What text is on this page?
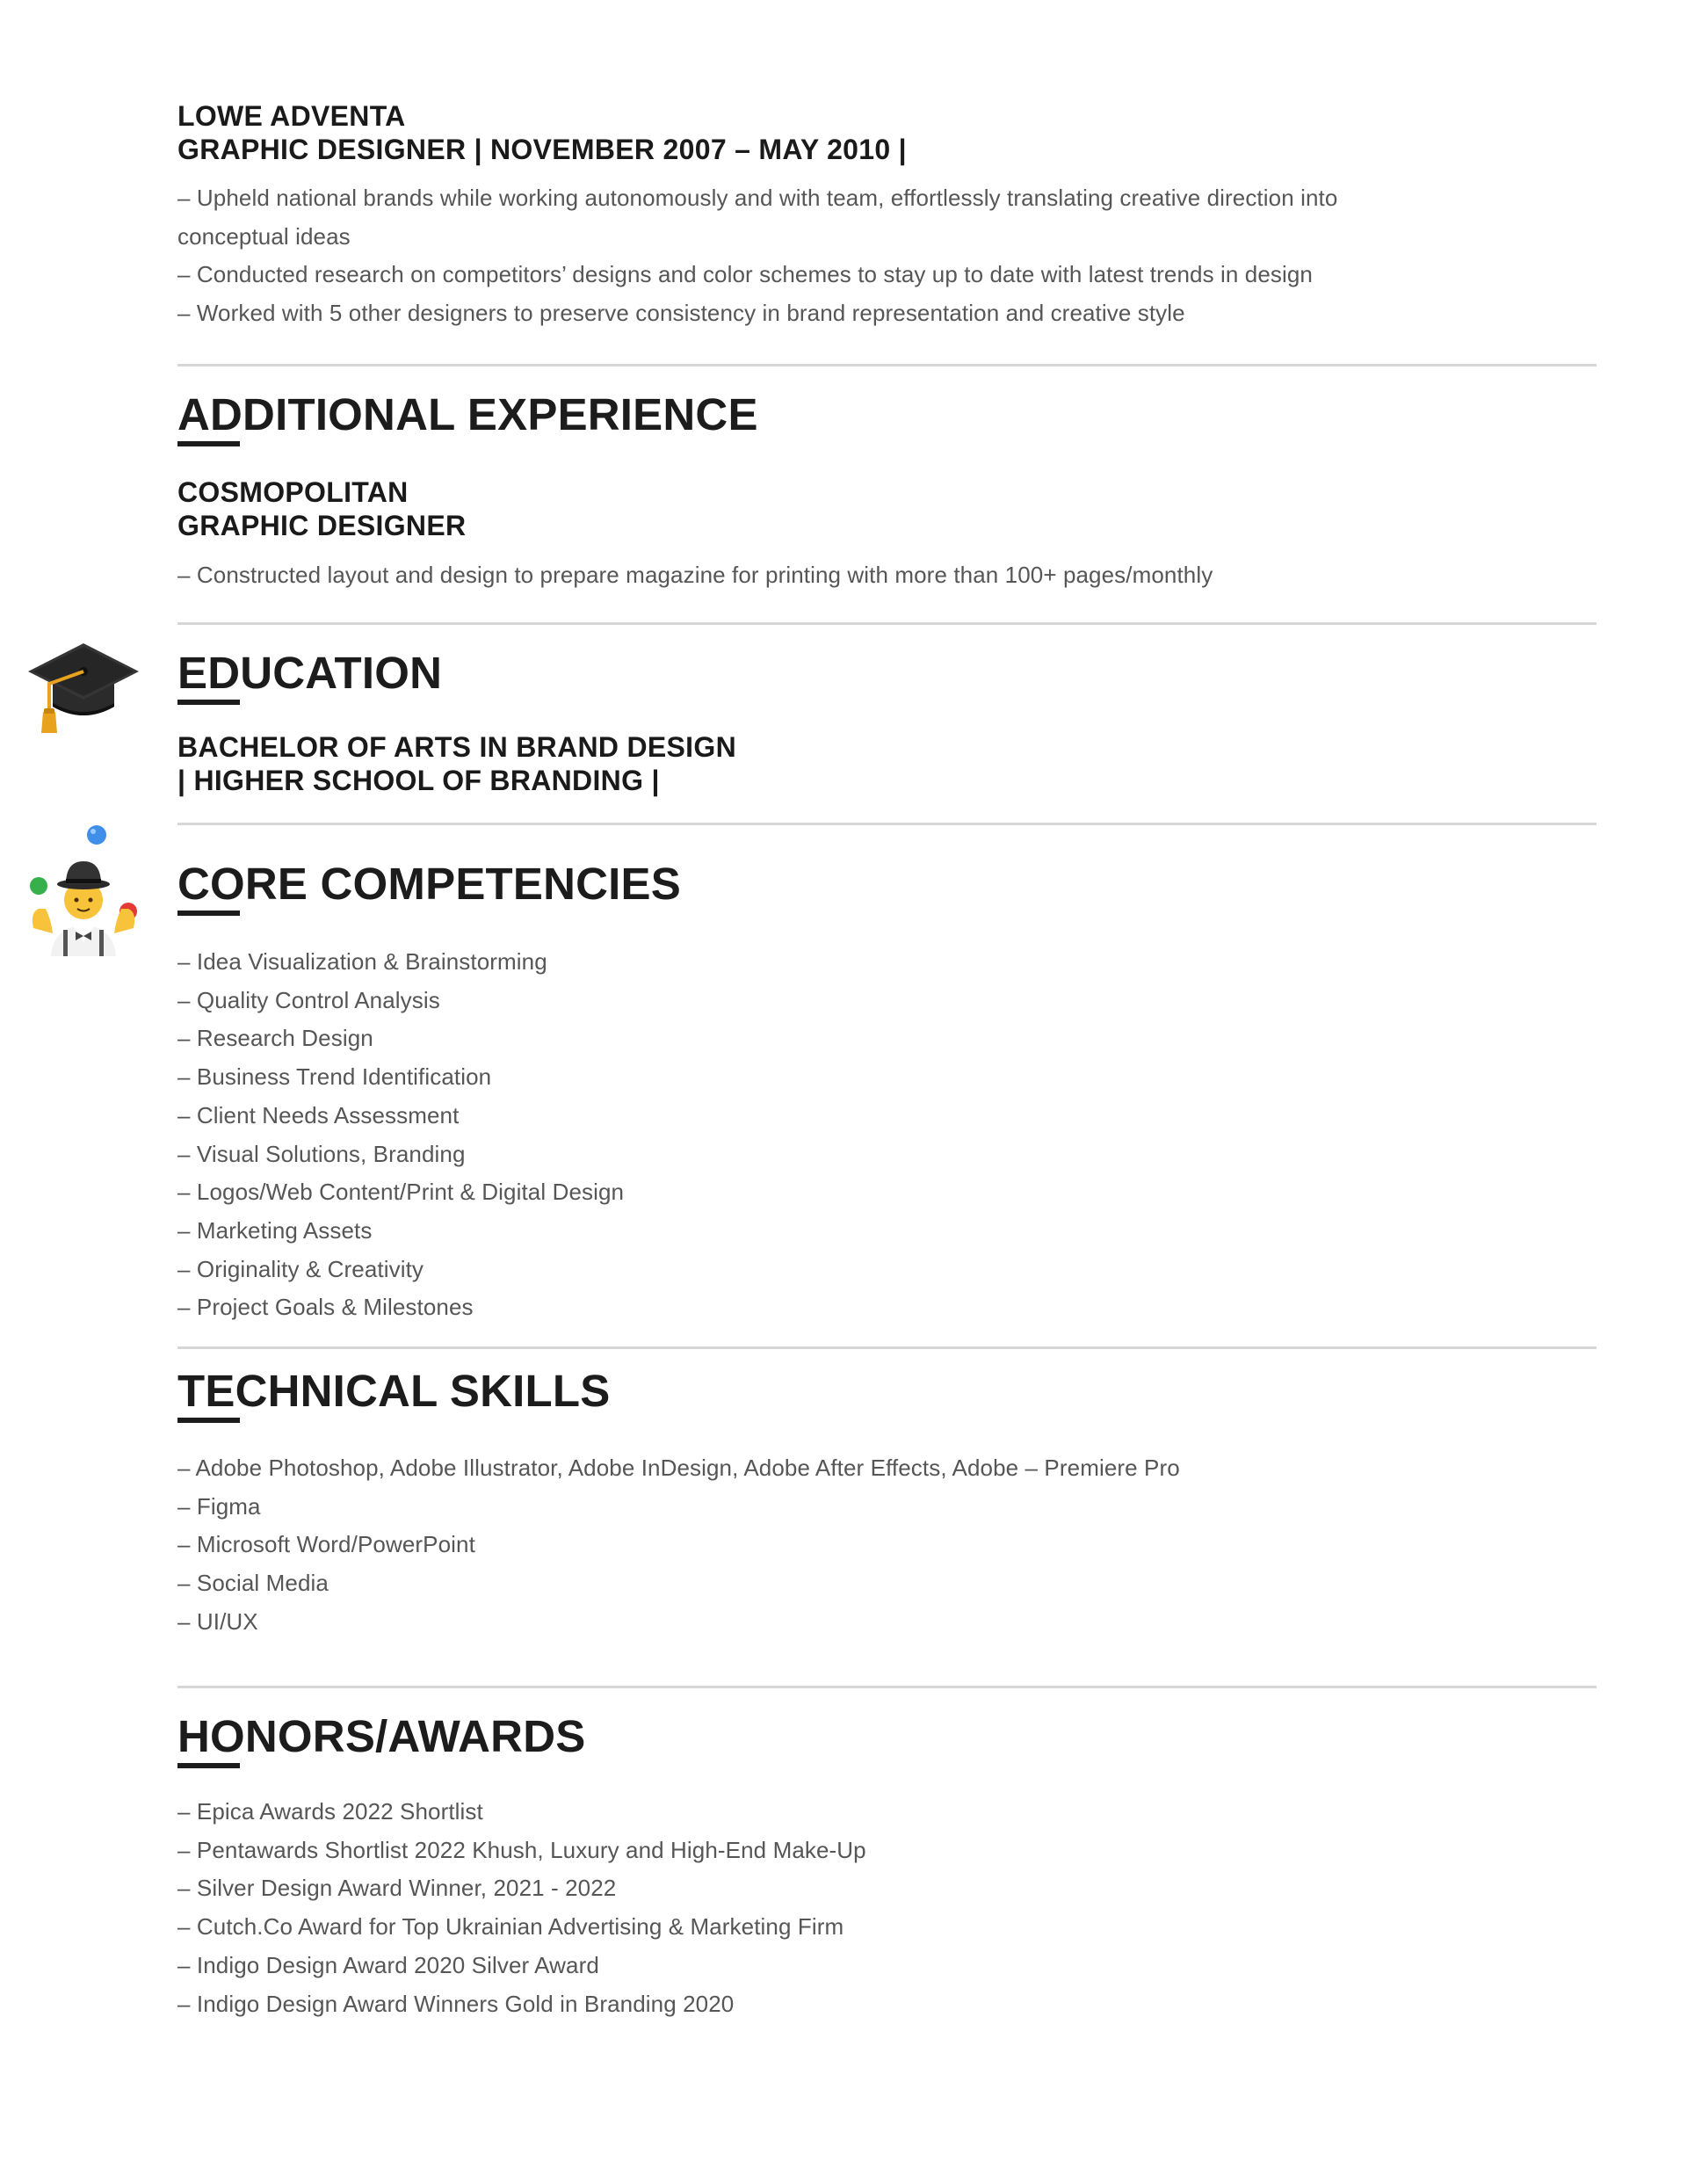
LOWE ADVENTA

GRAPHIC DESIGNER | NOVEMBER 2007 – MAY 2010 |

– Upheld national brands while working autonomously and with team, effortlessly translating creative direction into
conceptual ideas
– Conducted research on competitors’ designs and color schemes to stay up to date with latest trends in design
– Worked with 5 other designers to preserve consistency in brand representation and creative style
ADDITIONAL EXPERIENCE

COSMOPOLITAN

GRAPHIC DESIGNER

– Constructed layout and design to prepare magazine for printing with more than 100+ pages/monthly
EDUCATION

BACHELOR OF ARTS IN BRAND DESIGN

| HIGHER SCHOOL OF BRANDING |

CORE COMPETENCIES
– Idea Visualization & Brainstorming
– Quality Control Analysis
– Research Design
– Business Trend Identification
– Client Needs Assessment
– Visual Solutions, Branding
– Logos/Web Content/Print & Digital Design
– Marketing Assets
– Originality & Creativity
– Project Goals & Milestones
TECHNICAL SKILLS
– Adobe Photoshop, Adobe Illustrator, Adobe InDesign, Adobe After Effects, Adobe – Premiere Pro
– Figma
– Microsoft Word/PowerPoint
– Social Media
– UI/UX
HONORS/AWARDS
– Epica Awards 2022 Shortlist
– Pentawards Shortlist 2022 Khush, Luxury and High-End Make-Up
– Silver Design Award Winner, 2021 - 2022
– Cutch.Co Award for Top Ukrainian Advertising & Marketing Firm
– Indigo Design Award 2020 Silver Award
– Indigo Design Award Winners Gold in Branding 2020
